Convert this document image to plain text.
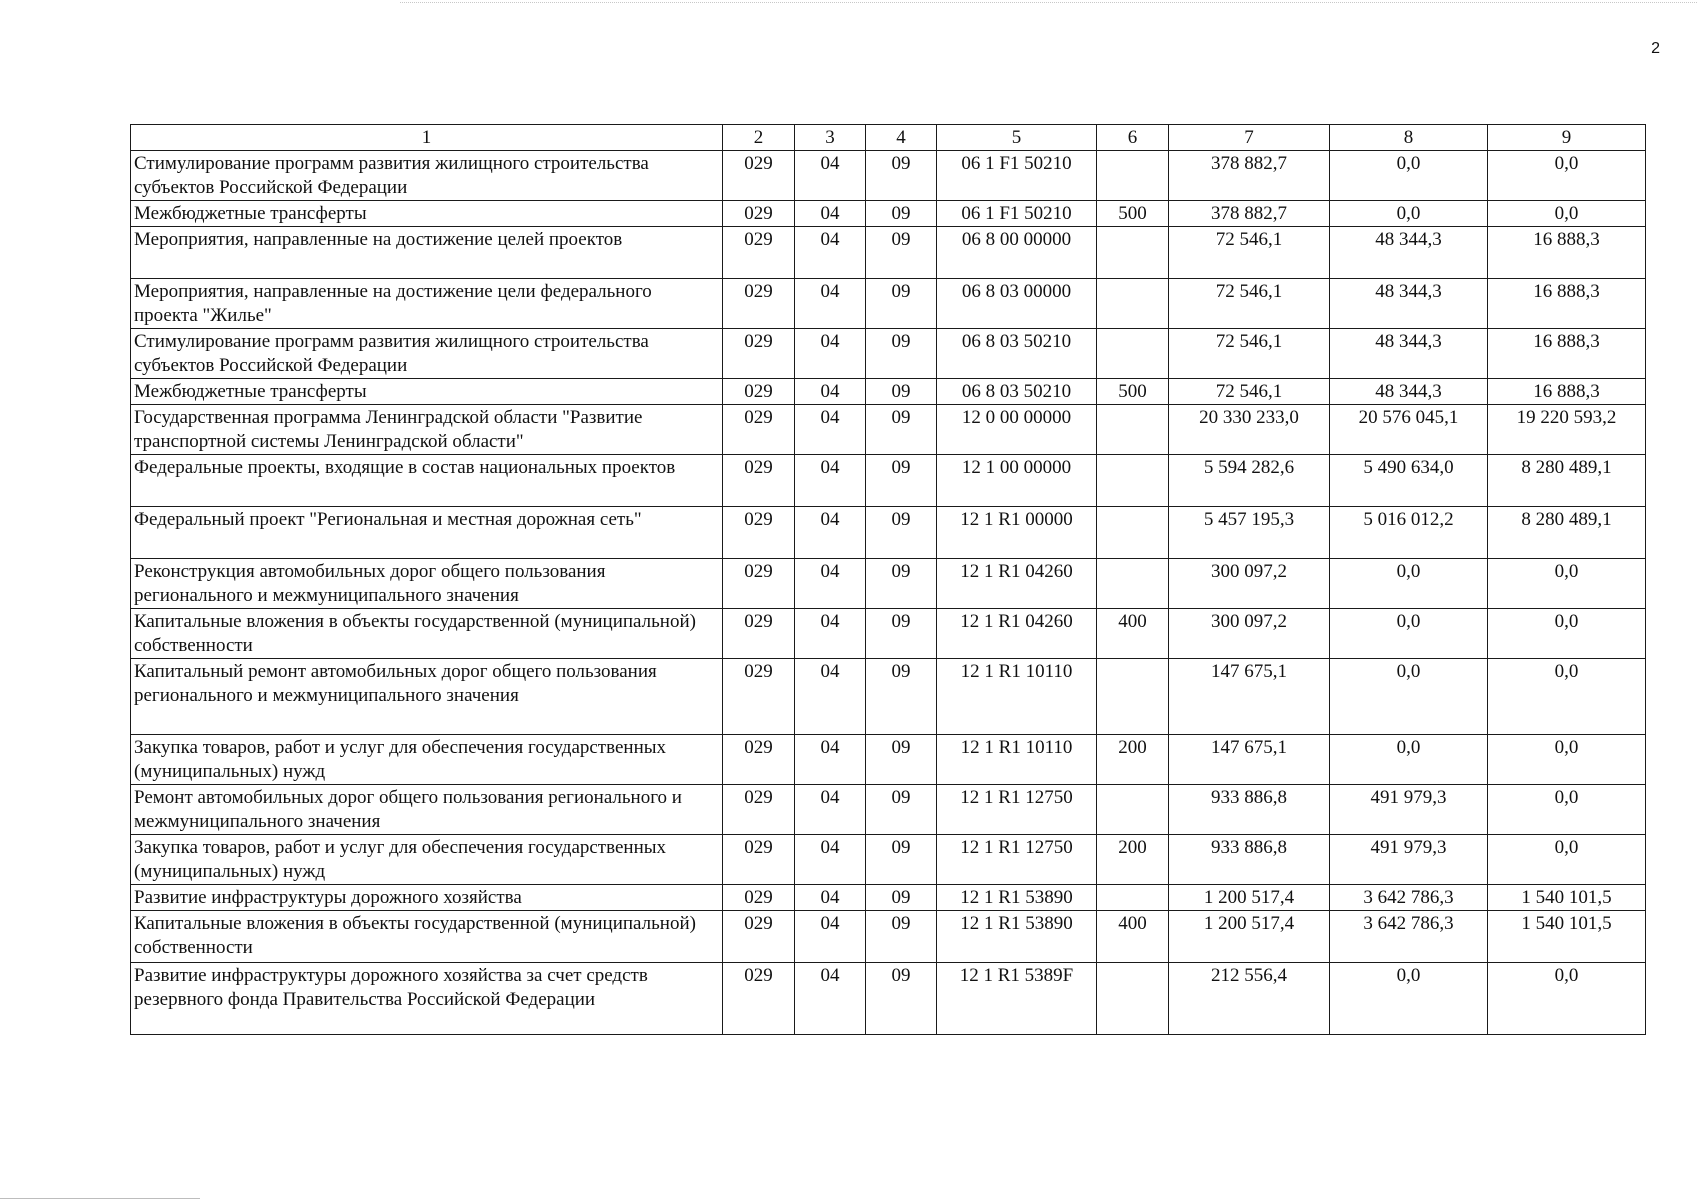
2
1	2	3	4	5	6	7	8	9
Стимулирование программ развития жилищного строительства субъектов Российской Федерации	029	04	09	06 1 F1 50210		378 882,7	0,0	0,0
Межбюджетные трансферты	029	04	09	06 1 F1 50210	500	378 882,7	0,0	0,0
Мероприятия, направленные на достижение целей проектов	029	04	09	06 8 00 00000		72 546,1	48 344,3	16 888,3
Мероприятия, направленные на достижение цели федерального проекта "Жилье"	029	04	09	06 8 03 00000		72 546,1	48 344,3	16 888,3
Стимулирование программ развития жилищного строительства субъектов Российской Федерации	029	04	09	06 8 03 50210		72 546,1	48 344,3	16 888,3
Межбюджетные трансферты	029	04	09	06 8 03 50210	500	72 546,1	48 344,3	16 888,3
Государственная программа Ленинградской области "Развитие транспортной системы Ленинградской области"	029	04	09	12 0 00 00000		20 330 233,0	20 576 045,1	19 220 593,2
Федеральные проекты, входящие в состав национальных проектов	029	04	09	12 1 00 00000		5 594 282,6	5 490 634,0	8 280 489,1
Федеральный проект "Региональная и местная дорожная сеть"	029	04	09	12 1 R1 00000		5 457 195,3	5 016 012,2	8 280 489,1
Реконструкция автомобильных дорог общего пользования регионального и межмуниципального значения	029	04	09	12 1 R1 04260		300 097,2	0,0	0,0
Капитальные вложения в объекты государственной (муниципальной) собственности	029	04	09	12 1 R1 04260	400	300 097,2	0,0	0,0
Капитальный ремонт автомобильных дорог общего пользования регионального и межмуниципального значения	029	04	09	12 1 R1 10110		147 675,1	0,0	0,0
Закупка товаров, работ и услуг для обеспечения государственных (муниципальных) нужд	029	04	09	12 1 R1 10110	200	147 675,1	0,0	0,0
Ремонт автомобильных дорог общего пользования регионального и межмуниципального значения	029	04	09	12 1 R1 12750		933 886,8	491 979,3	0,0
Закупка товаров, работ и услуг для обеспечения государственных (муниципальных) нужд	029	04	09	12 1 R1 12750	200	933 886,8	491 979,3	0,0
Развитие инфраструктуры дорожного хозяйства	029	04	09	12 1 R1 53890		1 200 517,4	3 642 786,3	1 540 101,5
Капитальные вложения в объекты государственной (муниципальной) собственности	029	04	09	12 1 R1 53890	400	1 200 517,4	3 642 786,3	1 540 101,5
Развитие инфраструктуры дорожного хозяйства за счет средств резервного фонда Правительства Российской Федерации	029	04	09	12 1 R1 5389F		212 556,4	0,0	0,0
